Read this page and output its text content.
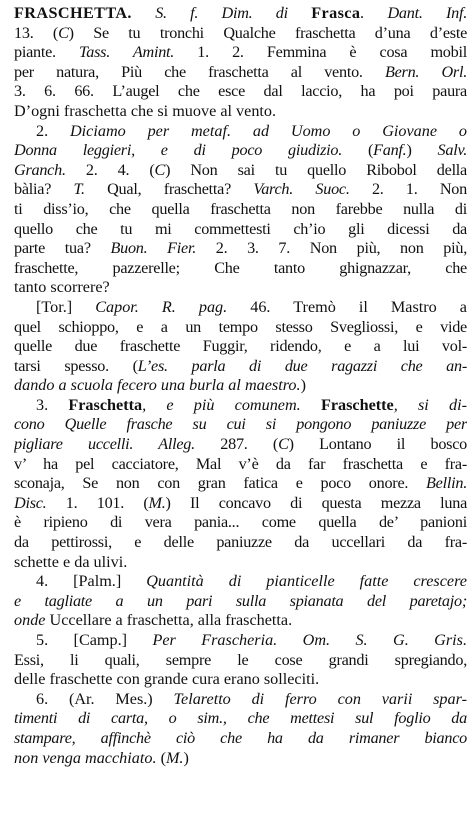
FRASCHETTA. S. f. Dim. di Frasca. Dant. Inf.
13. (C) Se tu tronchi Qualche fraschetta d’una d’este
piante. Tass. Amint. 1. 2. Femmina è cosa mobil
per natura, Più che fraschetta al vento. Bern. Orl.
3. 6. 66. L’augel che esce dal laccio, ha poi paura
D’ogni fraschetta che si muove al vento.
2. Diciamo per metaf. ad Uomo o Giovane o
Donna leggieri, e di poco giudizio. (Fanf.) Salv.
Granch. 2. 4. (C) Non sai tu quello Ribobol della
bàlia? T. Qual, fraschetta? Varch. Suoc. 2. 1. Non
ti diss’io, che quella fraschetta non farebbe nulla di
quello che tu mi commettesti ch’io gli dicessi da
parte tua? Buon. Fier. 2. 3. 7. Non più, non più,
fraschette, pazzerelle; Che tanto ghignazzar, che
tanto scorrere?
[Tor.] Capor. R. pag. 46. Tremò il Mastro a
quel schioppo, e a un tempo stesso Svegliossi, e vide
quelle due fraschette Fuggir, ridendo, e a lui vol-
tarsi spesso. (L’es. parla di due ragazzi che an-
dando a scuola fecero una burla al maestro.)
3. Fraschetta, e più comunem. Fraschette, si di-
cono Quelle frasche su cui si pongono paniuzze per
pigliare uccelli. Alleg. 287. (C) Lontano il bosco
v’ ha pel cacciatore, Mal v’è da far fraschetta e fra-
sconaja, Se non con gran fatica e poco onore. Bellin.
Disc. 1. 101. (M.) Il concavo di questa mezza luna
è ripieno di vera pania... come quella de’ panioni
da pettirossi, e delle paniuzze da uccellari da fra-
schette e da ulivi.
4. [Palm.] Quantità di pianticelle fatte crescere
e tagliate a un pari sulla spianata del paretajo;
onde Uccellare a fraschetta, alla fraschetta.
5. [Camp.] Per Frascheria. Om. S. G. Gris.
Essi, li quali, sempre le cose grandi spregiando,
delle fraschette con grande cura erano solleciti.
6. (Ar. Mes.) Telaretto di ferro con varii spar-
timenti di carta, o sim., che mettesi sul foglio da
stampare, affinchè ciò che ha da rimaner bianco
non venga macchiato. (M.)
